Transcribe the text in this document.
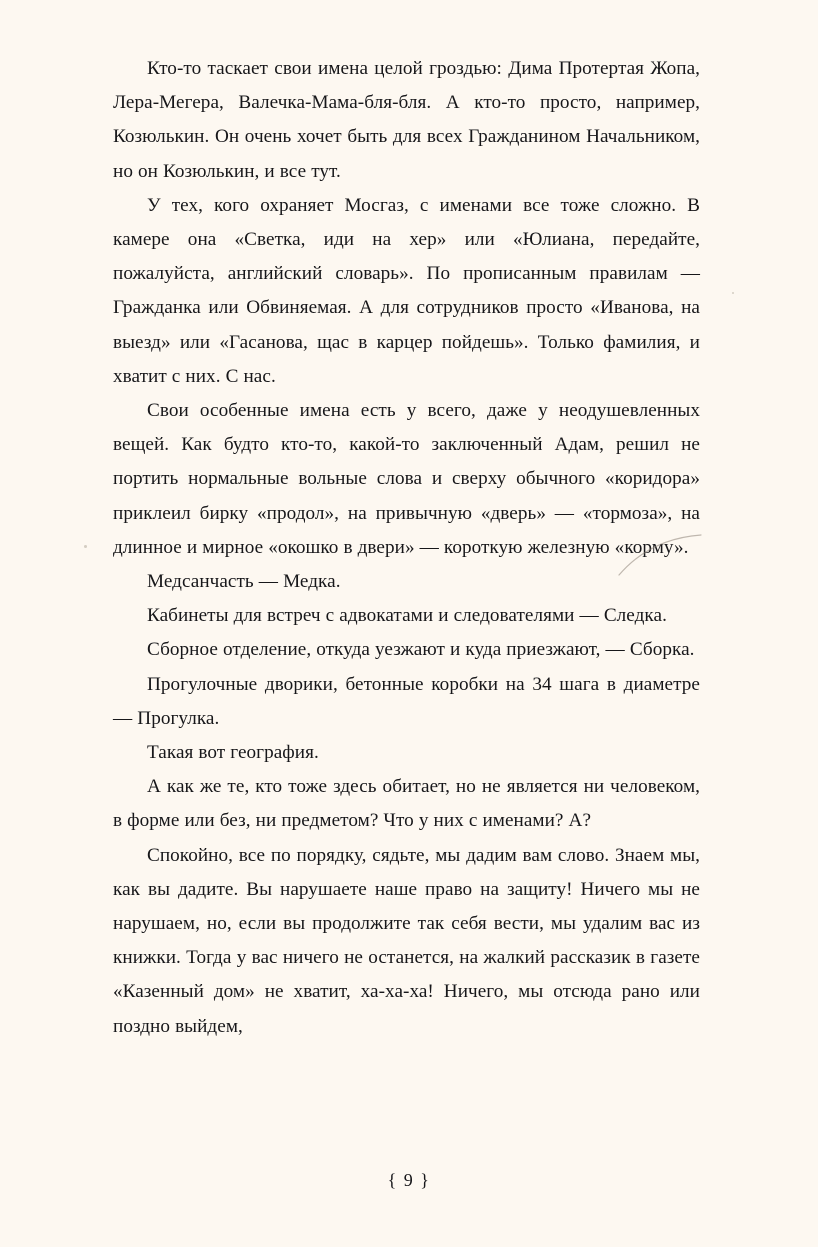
Кто-то таскает свои имена целой гроздью: Дима Протертая Жопа, Лера-Мегера, Валечка-Мама-бля-бля. А кто-то просто, например, Козюлькин. Он очень хочет быть для всех Гражданином Начальником, но он Козюлькин, и все тут.

У тех, кого охраняет Мосгаз, с именами все тоже сложно. В камере она «Светка, иди на хер» или «Юлиана, передайте, пожалуйста, английский словарь». По прописанным правилам — Гражданка или Обвиняемая. А для сотрудников просто «Иванова, на выезд» или «Гасанова, щас в карцер пойдешь». Только фамилия, и хватит с них. С нас.

Свои особенные имена есть у всего, даже у неодушевленных вещей. Как будто кто-то, какой-то заключенный Адам, решил не портить нормальные вольные слова и сверху обычного «коридора» приклеил бирку «продол», на привычную «дверь» — «тормоза», на длинное и мирное «окошко в двери» — короткую железную «корму».

Медсанчасть — Медка.

Кабинеты для встреч с адвокатами и следователями — Следка.

Сборное отделение, откуда уезжают и куда приезжают, — Сборка.

Прогулочные дворики, бетонные коробки на 34 шага в диаметре — Прогулка.

Такая вот география.

А как же те, кто тоже здесь обитает, но не является ни человеком, в форме или без, ни предметом? Что у них с именами? А?

Спокойно, все по порядку, сядьте, мы дадим вам слово. Знаем мы, как вы дадите. Вы нарушаете наше право на защиту! Ничего мы не нарушаем, но, если вы продолжите так себя вести, мы удалим вас из книжки. Тогда у вас ничего не останется, на жалкий рассказик в газете «Казенный дом» не хватит, ха-ха-ха! Ничего, мы отсюда рано или поздно выйдем,

{ 9 }
